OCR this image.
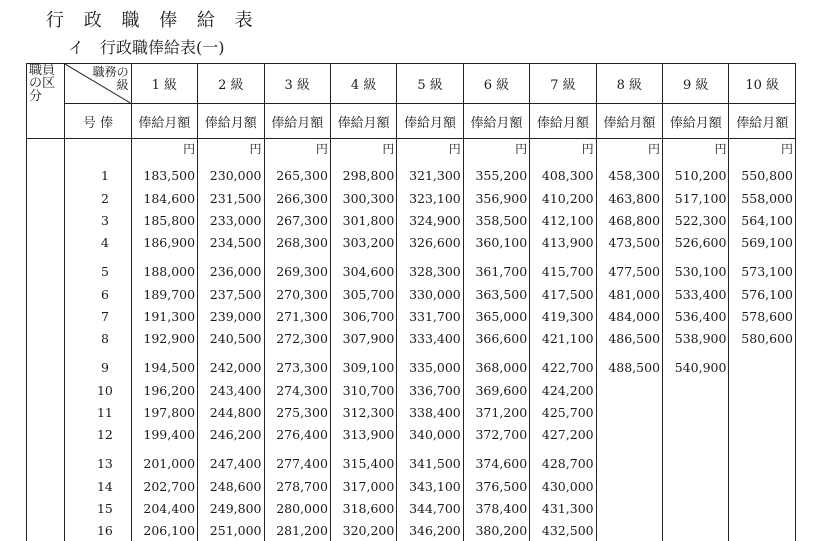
行 政 職 俸 給 表
イ 行政職俸給表(一)
職員の区分	職務の級	1 級	2 級	3 級	4 級	5 級	6 級	7 級	8 級	9 級	10 級
	号 俸	俸給月額	俸給月額	俸給月額	俸給月額	俸給月額	俸給月額	俸給月額	俸給月額	俸給月額	俸給月額
		円	円	円	円	円	円	円	円	円	円
	1	183,500	230,000	265,300	298,800	321,300	355,200	408,300	458,300	510,200	550,800
	2	184,600	231,500	266,300	300,300	323,100	356,900	410,200	463,800	517,100	558,000
	3	185,800	233,000	267,300	301,800	324,900	358,500	412,100	468,800	522,300	564,100
	4	186,900	234,500	268,300	303,200	326,600	360,100	413,900	473,500	526,600	569,100
	5	188,000	236,000	269,300	304,600	328,300	361,700	415,700	477,500	530,100	573,100
	6	189,700	237,500	270,300	305,700	330,000	363,500	417,500	481,000	533,400	576,100
	7	191,300	239,000	271,300	306,700	331,700	365,000	419,300	484,000	536,400	578,600
	8	192,900	240,500	272,300	307,900	333,400	366,600	421,100	486,500	538,900	580,600
	9	194,500	242,000	273,300	309,100	335,000	368,000	422,700	488,500	540,900	
	10	196,200	243,400	274,300	310,700	336,700	369,600	424,200			
	11	197,800	244,800	275,300	312,300	338,400	371,200	425,700			
	12	199,400	246,200	276,400	313,900	340,000	372,700	427,200			
	13	201,000	247,400	277,400	315,400	341,500	374,600	428,700			
	14	202,700	248,600	278,700	317,000	343,100	376,500	430,000			
	15	204,400	249,800	280,000	318,600	344,700	378,400	431,300			
	16	206,100	251,000	281,200	320,200	346,200	380,200	432,500			
